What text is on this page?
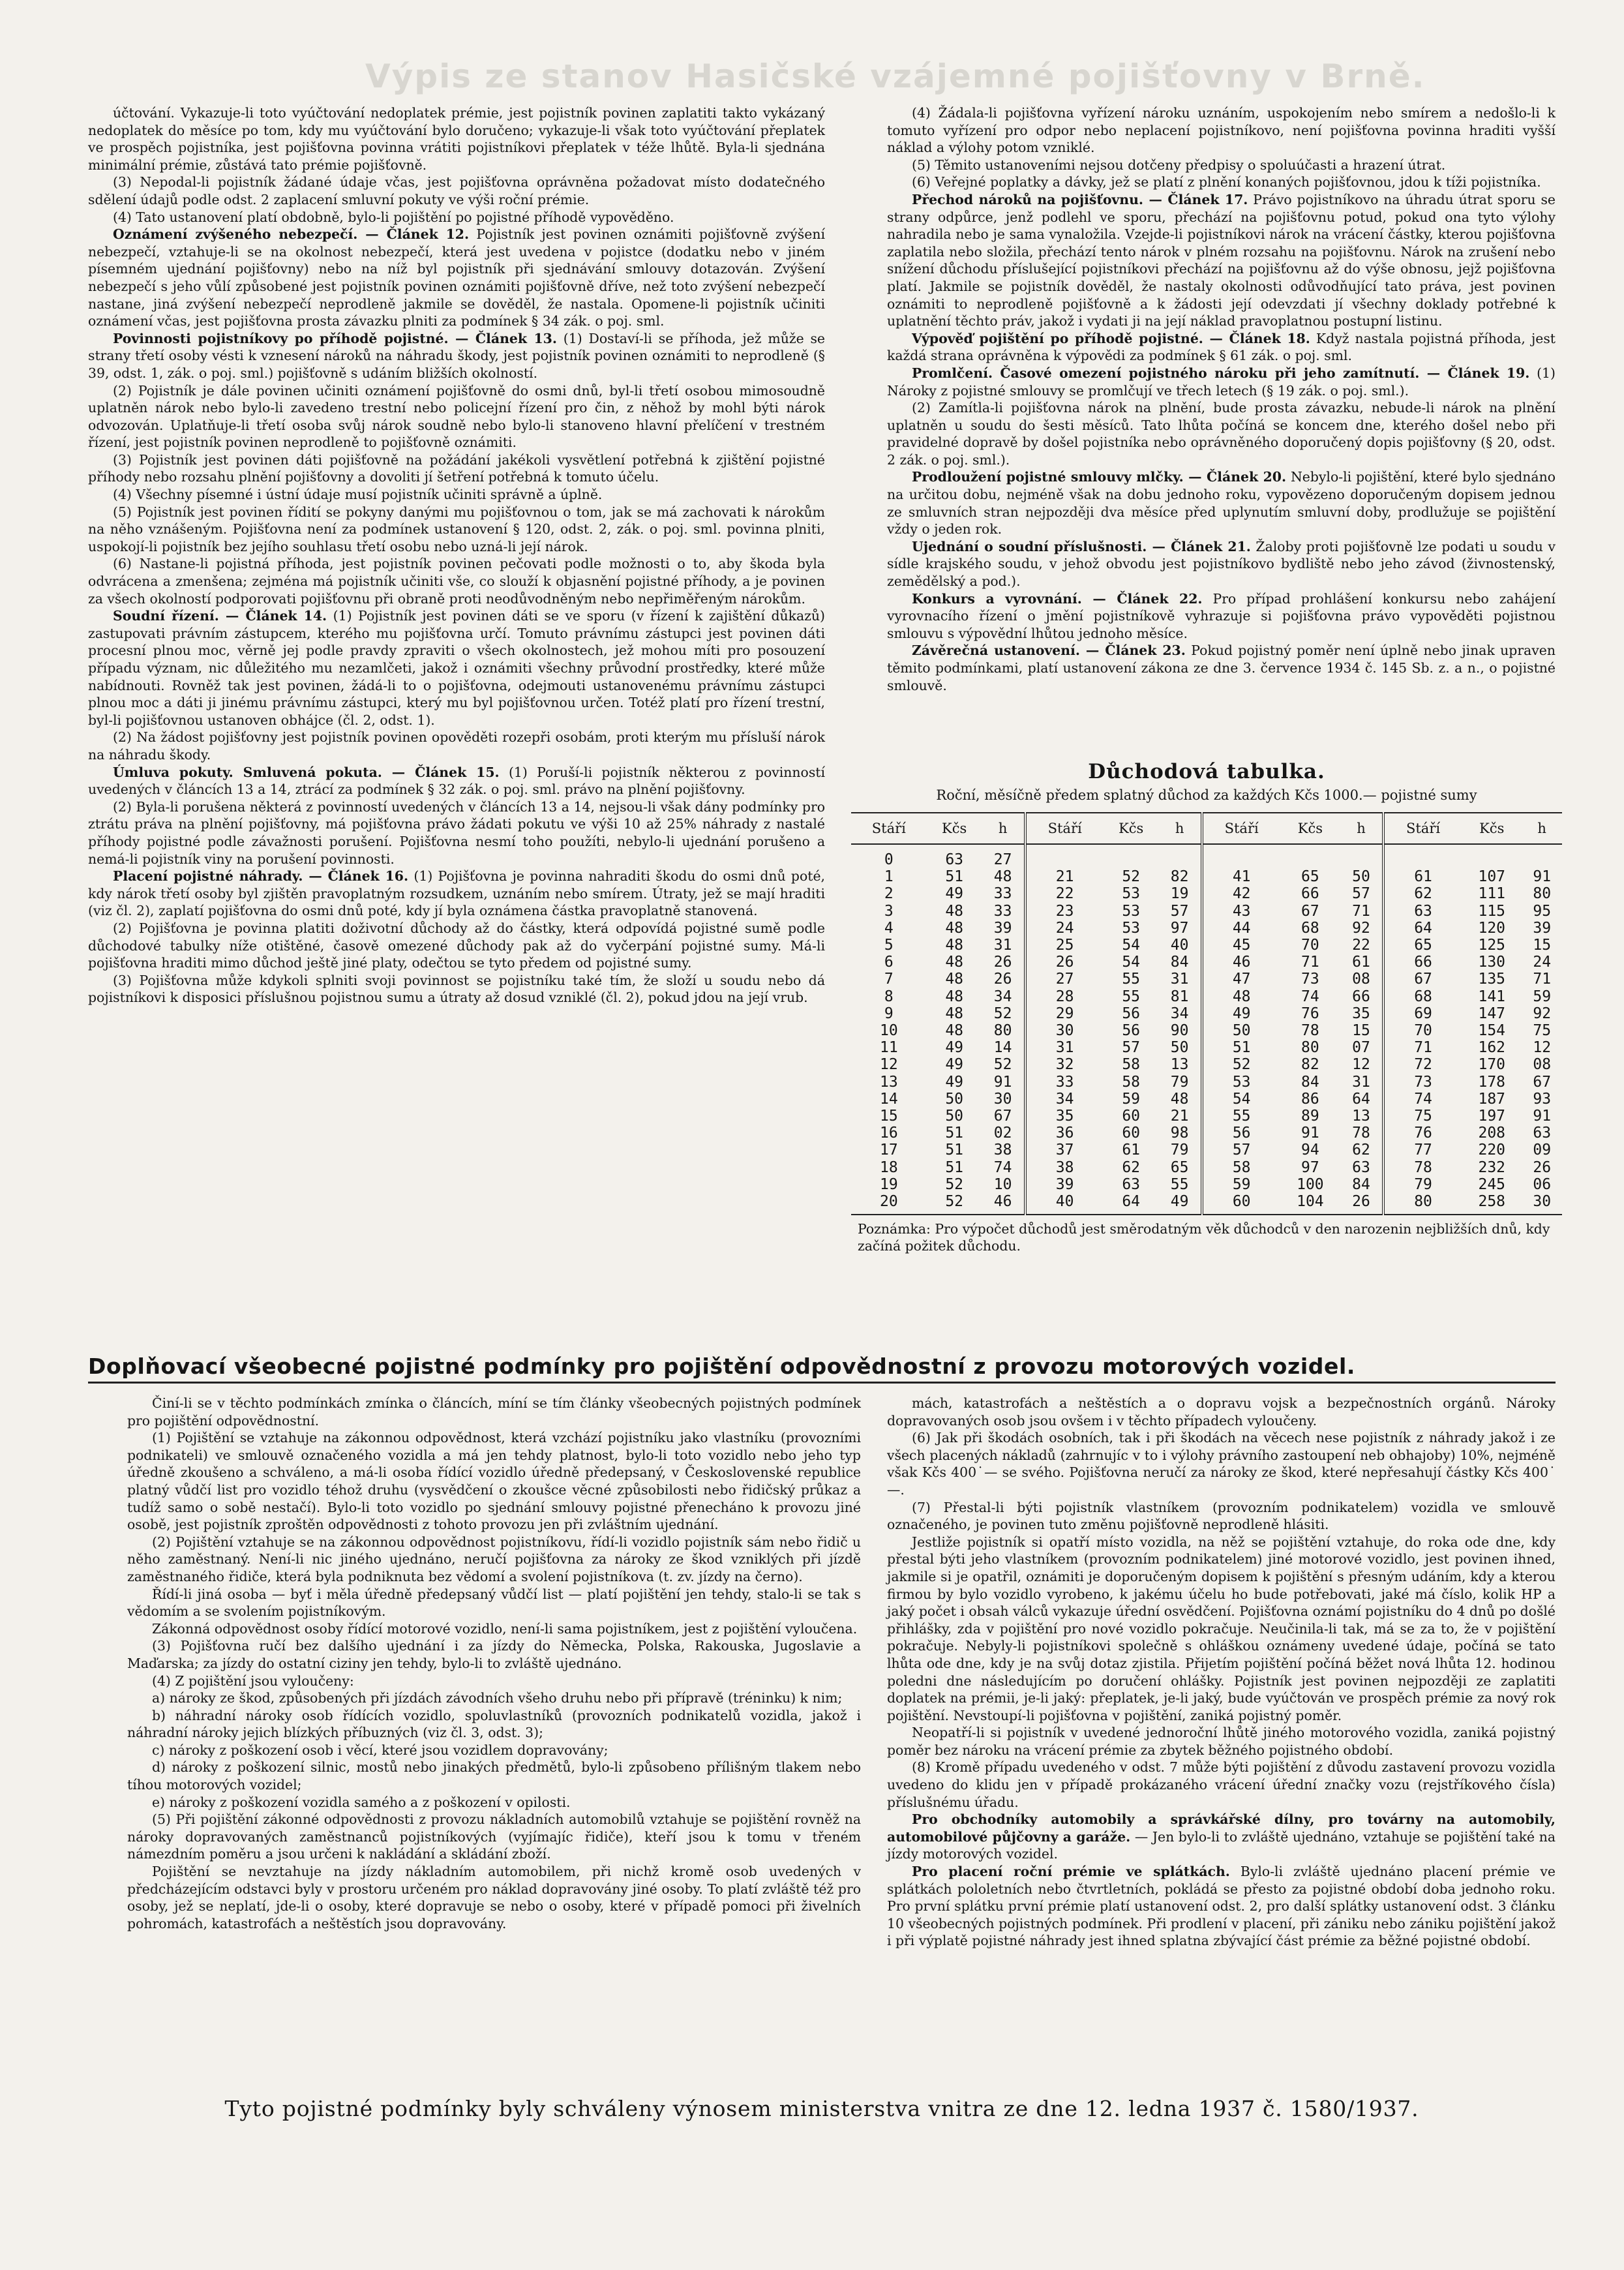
Výpis ze stanov Hasičské vzájemné pojišťovny v Brně.

účtování. Vykazuje-li toto vyúčtování nedoplatek prémie, jest pojistník povinen zaplatiti takto vykázaný nedoplatek do měsíce po tom, kdy mu vyúčtování bylo doručeno; vykazuje-li však toto vyúčtování přeplatek ve prospěch pojistníka, jest pojišťovna povinna vrátiti pojistníkovi přeplatek v téže lhůtě. Byla-li sjednána minimální prémie, zůstává tato prémie pojišťovně.

(3) Nepodal-li pojistník žádané údaje včas, jest pojišťovna oprávněna požadovat místo dodatečného sdělení údajů podle odst. 2 zaplacení smluvní pokuty ve výši roční prémie.

(4) Tato ustanovení platí obdobně, bylo-li pojištění po pojistné příhodě vypověděno.

Oznámení zvýšeného nebezpečí. — Článek 12. Pojistník jest povinen oznámiti pojišťovně zvýšení nebezpečí, vztahuje-li se na okolnost nebezpečí, která jest uvedena v pojistce (dodatku nebo v jiném písemném ujednání pojišťovny) nebo na níž byl pojistník při sjednávání smlouvy dotazován. Zvýšení nebezpečí s jeho vůlí způsobené jest pojistník povinen oznámiti pojišťovně dříve, než toto zvýšení nebezpečí nastane, jiná zvýšení nebezpečí neprodleně jakmile se dověděl, že nastala. Opomene-li pojistník učiniti oznámení včas, jest pojišťovna prosta závazku plniti za podmínek § 34 zák. o poj. sml.

Povinnosti pojistníkovy po příhodě pojistné. — Článek 13. (1) Dostaví-li se příhoda, jež může se strany třetí osoby vésti k vznesení nároků na náhradu škody, jest pojistník povinen oznámiti to neprodleně (§ 39, odst. 1, zák. o poj. sml.) pojišťovně s udáním bližších okolností.

(2) Pojistník je dále povinen učiniti oznámení pojišťovně do osmi dnů, byl-li třetí osobou mimosoudně uplatněn nárok nebo bylo-li zavedeno trestní nebo policejní řízení pro čin, z něhož by mohl býti nárok odvozován. Uplatňuje-li třetí osoba svůj nárok soudně nebo bylo-li stanoveno hlavní přelíčení v trestném řízení, jest pojistník povinen neprodleně to pojišťovně oznámiti.

(3) Pojistník jest povinen dáti pojišťovně na požádání jakékoli vysvětlení potřebná k zjištění pojistné příhody nebo rozsahu plnění pojišťovny a dovoliti jí šetření potřebná k tomuto účelu.

(4) Všechny písemné i ústní údaje musí pojistník učiniti správně a úplně.

(5) Pojistník jest povinen řídití se pokyny danými mu pojišťovnou o tom, jak se má zachovati k nárokům na něho vznášeným. Pojišťovna není za podmínek ustanovení § 120, odst. 2, zák. o poj. sml. povinna plniti, uspokojí-li pojistník bez jejího souhlasu třetí osobu nebo uzná-li její nárok.

(6) Nastane-li pojistná příhoda, jest pojistník povinen pečovati podle možnosti o to, aby škoda byla odvrácena a zmenšena; zejména má pojistník učiniti vše, co slouží k objasnění pojistné příhody, a je povinen za všech okolností podporovati pojišťovnu při obraně proti neodůvodněným nebo nepřiměřeným nárokům.

Soudní řízení. — Článek 14. (1) Pojistník jest povinen dáti se ve sporu (v řízení k zajištění důkazů) zastupovati právním zástupcem, kterého mu pojišťovna určí. Tomuto právnímu zástupci jest povinen dáti procesní plnou moc, věrně jej podle pravdy zpraviti o všech okolnostech, jež mohou míti pro posouzení případu význam, nic důležitého mu nezamlčeti, jakož i oznámiti všechny průvodní prostředky, které může nabídnouti. Rovněž tak jest povinen, žádá-li to o pojišťovna, odejmouti ustanovenému právnímu zástupci plnou moc a dáti ji jinému právnímu zástupci, který mu byl pojišťovnou určen. Totéž platí pro řízení trestní, byl-li pojišťovnou ustanoven obhájce (čl. 2, odst. 1).

(2) Na žádost pojišťovny jest pojistník povinen opověděti rozepři osobám, proti kterým mu přísluší nárok na náhradu škody.

Úmluva pokuty. Smluvená pokuta. — Článek 15. (1) Poruší-li pojistník některou z povinností uvedených v článcích 13 a 14, ztrácí za podmínek § 32 zák. o poj. sml. právo na plnění pojišťovny.

(2) Byla-li porušena některá z povinností uvedených v článcích 13 a 14, nejsou-li však dány podmínky pro ztrátu práva na plnění pojišťovny, má pojišťovna právo žádati pokutu ve výši 10 až 25% náhrady z nastalé příhody pojistné podle závažnosti porušení. Pojišťovna nesmí toho použíti, nebylo-li ujednání porušeno a nemá-li pojistník viny na porušení povinnosti.

Placení pojistné náhrady. — Článek 16. (1) Pojišťovna je povinna nahraditi škodu do osmi dnů poté, kdy nárok třetí osoby byl zjištěn pravoplatným rozsudkem, uznáním nebo smírem. Útraty, jež se mají hraditi (viz čl. 2), zaplatí pojišťovna do osmi dnů poté, kdy jí byla oznámena částka pravoplatně stanovená.

(2) Pojišťovna je povinna platiti doživotní důchody až do částky, která odpovídá pojistné sumě podle důchodové tabulky níže otištěné, časově omezené důchody pak až do vyčerpání pojistné sumy. Má-li pojišťovna hraditi mimo důchod ještě jiné platy, odečtou se tyto předem od pojistné sumy.

(3) Pojišťovna může kdykoli splniti svoji povinnost se pojistníku také tím, že složí u soudu nebo dá pojistníkovi k disposici příslušnou pojistnou sumu a útraty až dosud vzniklé (čl. 2), pokud jdou na její vrub.

(4) Žádala-li pojišťovna vyřízení nároku uznáním, uspokojením nebo smírem a nedošlo-li k tomuto vyřízení pro odpor nebo neplacení pojistníkovo, není pojišťovna povinna hraditi vyšší náklad a výlohy potom vzniklé.

(5) Těmito ustanoveními nejsou dotčeny předpisy o spoluúčasti a hrazení útrat.

(6) Veřejné poplatky a dávky, jež se platí z plnění konaných pojišťovnou, jdou k tíži pojistníka.

Přechod nároků na pojišťovnu. — Článek 17. Právo pojistníkovo na úhradu útrat sporu se strany odpůrce, jenž podlehl ve sporu, přechází na pojišťovnu potud, pokud ona tyto výlohy nahradila nebo je sama vynaložila. Vzejde-li pojistníkovi nárok na vrácení částky, kterou pojišťovna zaplatila nebo složila, přechází tento nárok v plném rozsahu na pojišťovnu. Nárok na zrušení nebo snížení důchodu příslušející pojistníkovi přechází na pojišťovnu až do výše obnosu, jejž pojišťovna platí. Jakmile se pojistník dověděl, že nastaly okolnosti odůvodňující tato práva, jest povinen oznámiti to neprodleně pojišťovně a k žádosti její odevzdati jí všechny doklady potřebné k uplatnění těchto práv, jakož i vydati ji na její náklad pravoplatnou postupní listinu.

Výpověď pojištění po příhodě pojistné. — Článek 18. Když nastala pojistná příhoda, jest každá strana oprávněna k výpovědi za podmínek § 61 zák. o poj. sml.

Promlčení. Časové omezení pojistného nároku při jeho zamítnutí. — Článek 19. (1) Nároky z pojistné smlouvy se promlčují ve třech letech (§ 19 zák. o poj. sml.).

(2) Zamítla-li pojišťovna nárok na plnění, bude prosta závazku, nebude-li nárok na plnění uplatněn u soudu do šesti měsíců. Tato lhůta počíná se koncem dne, kterého došel nebo při pravidelné dopravě by došel pojistníka nebo oprávněného doporučený dopis pojišťovny (§ 20, odst. 2 zák. o poj. sml.).

Prodloužení pojistné smlouvy mlčky. — Článek 20. Nebylo-li pojištění, které bylo sjednáno na určitou dobu, nejméně však na dobu jednoho roku, vypovězeno doporučeným dopisem jednou ze smluvních stran nejpozději dva měsíce před uplynutím smluvní doby, prodlužuje se pojištění vždy o jeden rok.

Ujednání o soudní příslušnosti. — Článek 21. Žaloby proti pojišťovně lze podati u soudu v sídle krajského soudu, v jehož obvodu jest pojistníkovo bydliště nebo jeho závod (živnostenský, zemědělský a pod.).

Konkurs a vyrovnání. — Článek 22. Pro případ prohlášení konkursu nebo zahájení vyrovnacího řízení o jmění pojistníkově vyhrazuje si pojišťovna právo vypověděti pojistnou smlouvu s výpovědní lhůtou jednoho měsíce.

Závěrečná ustanovení. — Článek 23. Pokud pojistný poměr není úplně nebo jinak upraven těmito podmínkami, platí ustanovení zákona ze dne 3. července 1934 č. 145 Sb. z. a n., o pojistné smlouvě.

Důchodová tabulka.
Roční, měsíčně předem splatný důchod za každých Kčs 1000.— pojistné sumy
Stáří	Kčs	h	Stáří	Kčs	h	Stáří	Kčs	h	Stáří	Kčs	h
0	63	27									
1	51	48	21	52	82	41	65	50	61	107	91
2	49	33	22	53	19	42	66	57	62	111	80
3	48	33	23	53	57	43	67	71	63	115	95
4	48	39	24	53	97	44	68	92	64	120	39
5	48	31	25	54	40	45	70	22	65	125	15
6	48	26	26	54	84	46	71	61	66	130	24
7	48	26	27	55	31	47	73	08	67	135	71
8	48	34	28	55	81	48	74	66	68	141	59
9	48	52	29	56	34	49	76	35	69	147	92
10	48	80	30	56	90	50	78	15	70	154	75
11	49	14	31	57	50	51	80	07	71	162	12
12	49	52	32	58	13	52	82	12	72	170	08
13	49	91	33	58	79	53	84	31	73	178	67
14	50	30	34	59	48	54	86	64	74	187	93
15	50	67	35	60	21	55	89	13	75	197	91
16	51	02	36	60	98	56	91	78	76	208	63
17	51	38	37	61	79	57	94	62	77	220	09
18	51	74	38	62	65	58	97	63	78	232	26
19	52	10	39	63	55	59	100	84	79	245	06
20	52	46	40	64	49	60	104	26	80	258	30
Poznámka: Pro výpočet důchodů jest směrodatným věk důchodců v den narozenin nejbližších dnů, kdy začíná požitek důchodu.
Doplňovací všeobecné pojistné podmínky pro pojištění odpovědnostní z provozu motorových vozidel.

Činí-li se v těchto podmínkách zmínka o článcích, míní se tím články všeobecných pojistných podmínek pro pojištění odpovědnostní.

(1) Pojištění se vztahuje na zákonnou odpovědnost, která vzchází pojistníku jako vlastníku (provozními podnikateli) ve smlouvě označeného vozidla a má jen tehdy platnost, bylo-li toto vozidlo nebo jeho typ úředně zkoušeno a schváleno, a má-li osoba řídící vozidlo úředně předepsaný, v Československé republice platný vůdčí list pro vozidlo téhož druhu (vysvědčení o zkoušce věcné způsobilosti nebo řidičský průkaz a tudíž samo o sobě nestačí). Bylo-li toto vozidlo po sjednání smlouvy pojistné přenecháno k provozu jiné osobě, jest pojistník zproštěn odpovědnosti z tohoto provozu jen při zvláštním ujednání.

(2) Pojištění vztahuje se na zákonnou odpovědnost pojistníkovu, řídí-li vozidlo pojistník sám nebo řidič u něho zaměstnaný. Není-li nic jiného ujednáno, neručí pojišťovna za nároky ze škod vzniklých při jízdě zaměstnaného řidiče, která byla podniknuta bez vědomí a svolení pojistníkova (t. zv. jízdy na černo).

Řídí-li jiná osoba — byť i měla úředně předepsaný vůdčí list — platí pojištění jen tehdy, stalo-li se tak s vědomím a se svolením pojistníkovým.

Zákonná odpovědnost osoby řídící motorové vozidlo, není-li sama pojistníkem, jest z pojištění vyloučena.

(3) Pojišťovna ručí bez dalšího ujednání i za jízdy do Německa, Polska, Rakouska, Jugoslavie a Maďarska; za jízdy do ostatní ciziny jen tehdy, bylo-li to zvláště ujednáno.

(4) Z pojištění jsou vyloučeny:

a) nároky ze škod, způsobených při jízdách závodních všeho druhu nebo při přípravě (tréninku) k nim;

b) náhradní nároky osob řídících vozidlo, spoluvlastníků (provozních podnikatelů vozidla, jakož i náhradní nároky jejich blízkých příbuzných (viz čl. 3, odst. 3);

c) nároky z poškození osob i věcí, které jsou vozidlem dopravovány;

d) nároky z poškození silnic, mostů nebo jinakých předmětů, bylo-li způsobeno přílišným tlakem nebo tíhou motorových vozidel;

e) nároky z poškození vozidla samého a z poškození v opilosti.

(5) Při pojištění zákonné odpovědnosti z provozu nákladních automobilů vztahuje se pojištění rovněž na nároky dopravovaných zaměstnanců pojistníkových (vyjímajíc řidiče), kteří jsou k tomu v třeném námezdním poměru a jsou určeni k nakládání a skládání zboží.

Pojištění se nevztahuje na jízdy nákladním automobilem, při nichž kromě osob uvedených v předcházejícím odstavci byly v prostoru určeném pro náklad dopravovány jiné osoby. To platí zvláště též pro osoby, jež se neplatí, jde-li o osoby, které dopravuje se nebo o osoby, které v případě pomoci při živelních pohromách, katastrofách a neštěstích jsou dopravovány.

mách, katastrofách a neštěstích a o dopravu vojsk a bezpečnostních orgánů. Nároky dopravovaných osob jsou ovšem i v těchto případech vyloučeny.

(6) Jak při škodách osobních, tak i při škodách na věcech nese pojistník z náhrady jakož i ze všech placených nákladů (zahrnujíc v to i výlohy právního zastoupení neb obhajoby) 10%, nejméně však Kčs 400˙— se svého. Pojišťovna neručí za nároky ze škod, které nepřesahují částky Kčs 400˙—.

(7) Přestal-li býti pojistník vlastníkem (provozním podnikatelem) vozidla ve smlouvě označeného, je povinen tuto změnu pojišťovně neprodleně hlásiti.

Jestliže pojistník si opatří místo vozidla, na něž se pojištění vztahuje, do roka ode dne, kdy přestal býti jeho vlastníkem (provozním podnikatelem) jiné motorové vozidlo, jest povinen ihned, jakmile si je opatřil, oznámiti je doporučeným dopisem k pojištění s přesným udáním, kdy a kterou firmou by bylo vozidlo vyrobeno, k jakému účelu ho bude potřebovati, jaké má číslo, kolik HP a jaký počet i obsah válců vykazuje úřední osvědčení. Pojišťovna oznámí pojistníku do 4 dnů po došlé přihlášky, zda v pojištění pro nové vozidlo pokračuje. Neučinila-li tak, má se za to, že v pojištění pokračuje. Nebyly-li pojistníkovi společně s ohláškou oznámeny uvedené údaje, počíná se tato lhůta ode dne, kdy je na svůj dotaz zjistila. Přijetím pojištění počíná běžet nová lhůta 12. hodinou poledni dne následujícím po doručení ohlášky. Pojistník jest povinen nejpozději ze zaplatiti doplatek na prémii, je-li jaký: přeplatek, je-li jaký, bude vyúčtován ve prospěch prémie za nový rok pojištění. Nevstoupí-li pojišťovna v pojištění, zaniká pojistný poměr.

Neopatří-li si pojistník v uvedené jednoroční lhůtě jiného motorového vozidla, zaniká pojistný poměr bez nároku na vrácení prémie za zbytek běžného pojistného období.

(8) Kromě případu uvedeného v odst. 7 může býti pojištění z důvodu zastavení provozu vozidla uvedeno do klidu jen v případě prokázaného vrácení úřední značky vozu (rejstříkového čísla) příslušnému úřadu.

Pro obchodníky automobily a správkářské dílny, pro továrny na automobily, automobilové půjčovny a garáže. — Jen bylo-li to zvláště ujednáno, vztahuje se pojištění také na jízdy motorových vozidel.

Pro placení roční prémie ve splátkách. Bylo-li zvláště ujednáno placení prémie ve splátkách pololetních nebo čtvrtletních, pokládá se přesto za pojistné období doba jednoho roku. Pro první splátku první prémie platí ustanovení odst. 2, pro další splátky ustanovení odst. 3 článku 10 všeobecných pojistných podmínek. Při prodlení v placení, při zániku nebo zániku pojištění jakož i při výplatě pojistné náhrady jest ihned splatna zbývající část prémie za běžné pojistné období.

Tyto pojistné podmínky byly schváleny výnosem ministerstva vnitra ze dne 12. ledna 1937 č. 1580/1937.
